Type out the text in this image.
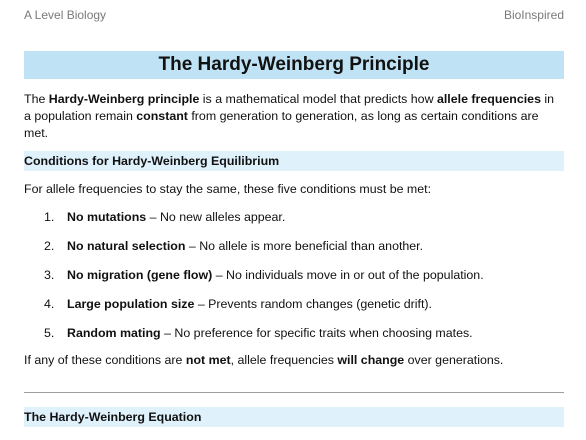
A Level Biology	BioInspired
The Hardy-Weinberg Principle

The Hardy-Weinberg principle is a mathematical model that predicts how allele frequencies in a population remain constant from generation to generation, as long as certain conditions are met.

Conditions for Hardy-Weinberg Equilibrium
For allele frequencies to stay the same, these five conditions must be met:
1.	No mutations – No new alleles appear.
2.	No natural selection – No allele is more beneficial than another.
3.	No migration (gene flow) – No individuals move in or out of the population.
4.	Large population size – Prevents random changes (genetic drift).
5.	Random mating – No preference for specific traits when choosing mates.

If any of these conditions are not met, allele frequencies will change over generations.

The Hardy-Weinberg Equation
